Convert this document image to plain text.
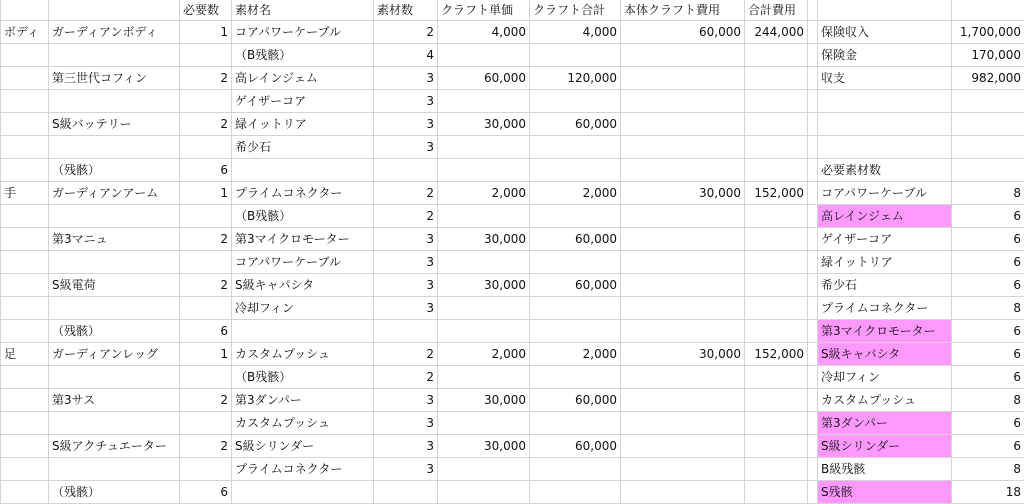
		必要数	素材名	素材数	クラフト単価	クラフト合計	本体クラフト費用	合計費用			
ボディ	ガーディアンボディ	1	コアパワーケーブル	2	4,000	4,000	60,000	244,000		保険収入	1,700,000
			（B残骸）	4						保険金	170,000
	第三世代コフィン	2	高レインジェム	3	60,000	120,000				収支	982,000
			ゲイザーコア	3							
	S級バッテリー	2	緑イットリア	3	30,000	60,000					
			希少石	3							
	（残骸）	6								必要素材数	
手	ガーディアンアーム	1	プライムコネクター	2	2,000	2,000	30,000	152,000		コアパワーケーブル	8
			（B残骸）	2						高レインジェム	6
	第3マニュ	2	第3マイクロモーター	3	30,000	60,000				ゲイザーコア	6
			コアパワーケーブル	3						緑イットリア	6
	S級電荷	2	S級キャパシタ	3	30,000	60,000				希少石	6
			冷却フィン	3						プライムコネクター	8
	（残骸）	6								第3マイクロモーター	6
足	ガーディアンレッグ	1	カスタムプッシュ	2	2,000	2,000	30,000	152,000		S級キャパシタ	6
			（B残骸）	2						冷却フィン	6
	第3サス	2	第3ダンパー	3	30,000	60,000				カスタムプッシュ	8
			カスタムプッシュ	3						第3ダンパー	6
	S級アクチュエーター	2	S級シリンダー	3	30,000	60,000				S級シリンダー	6
			プライムコネクター	3						B級残骸	8
	（残骸）	6								S残骸	18
